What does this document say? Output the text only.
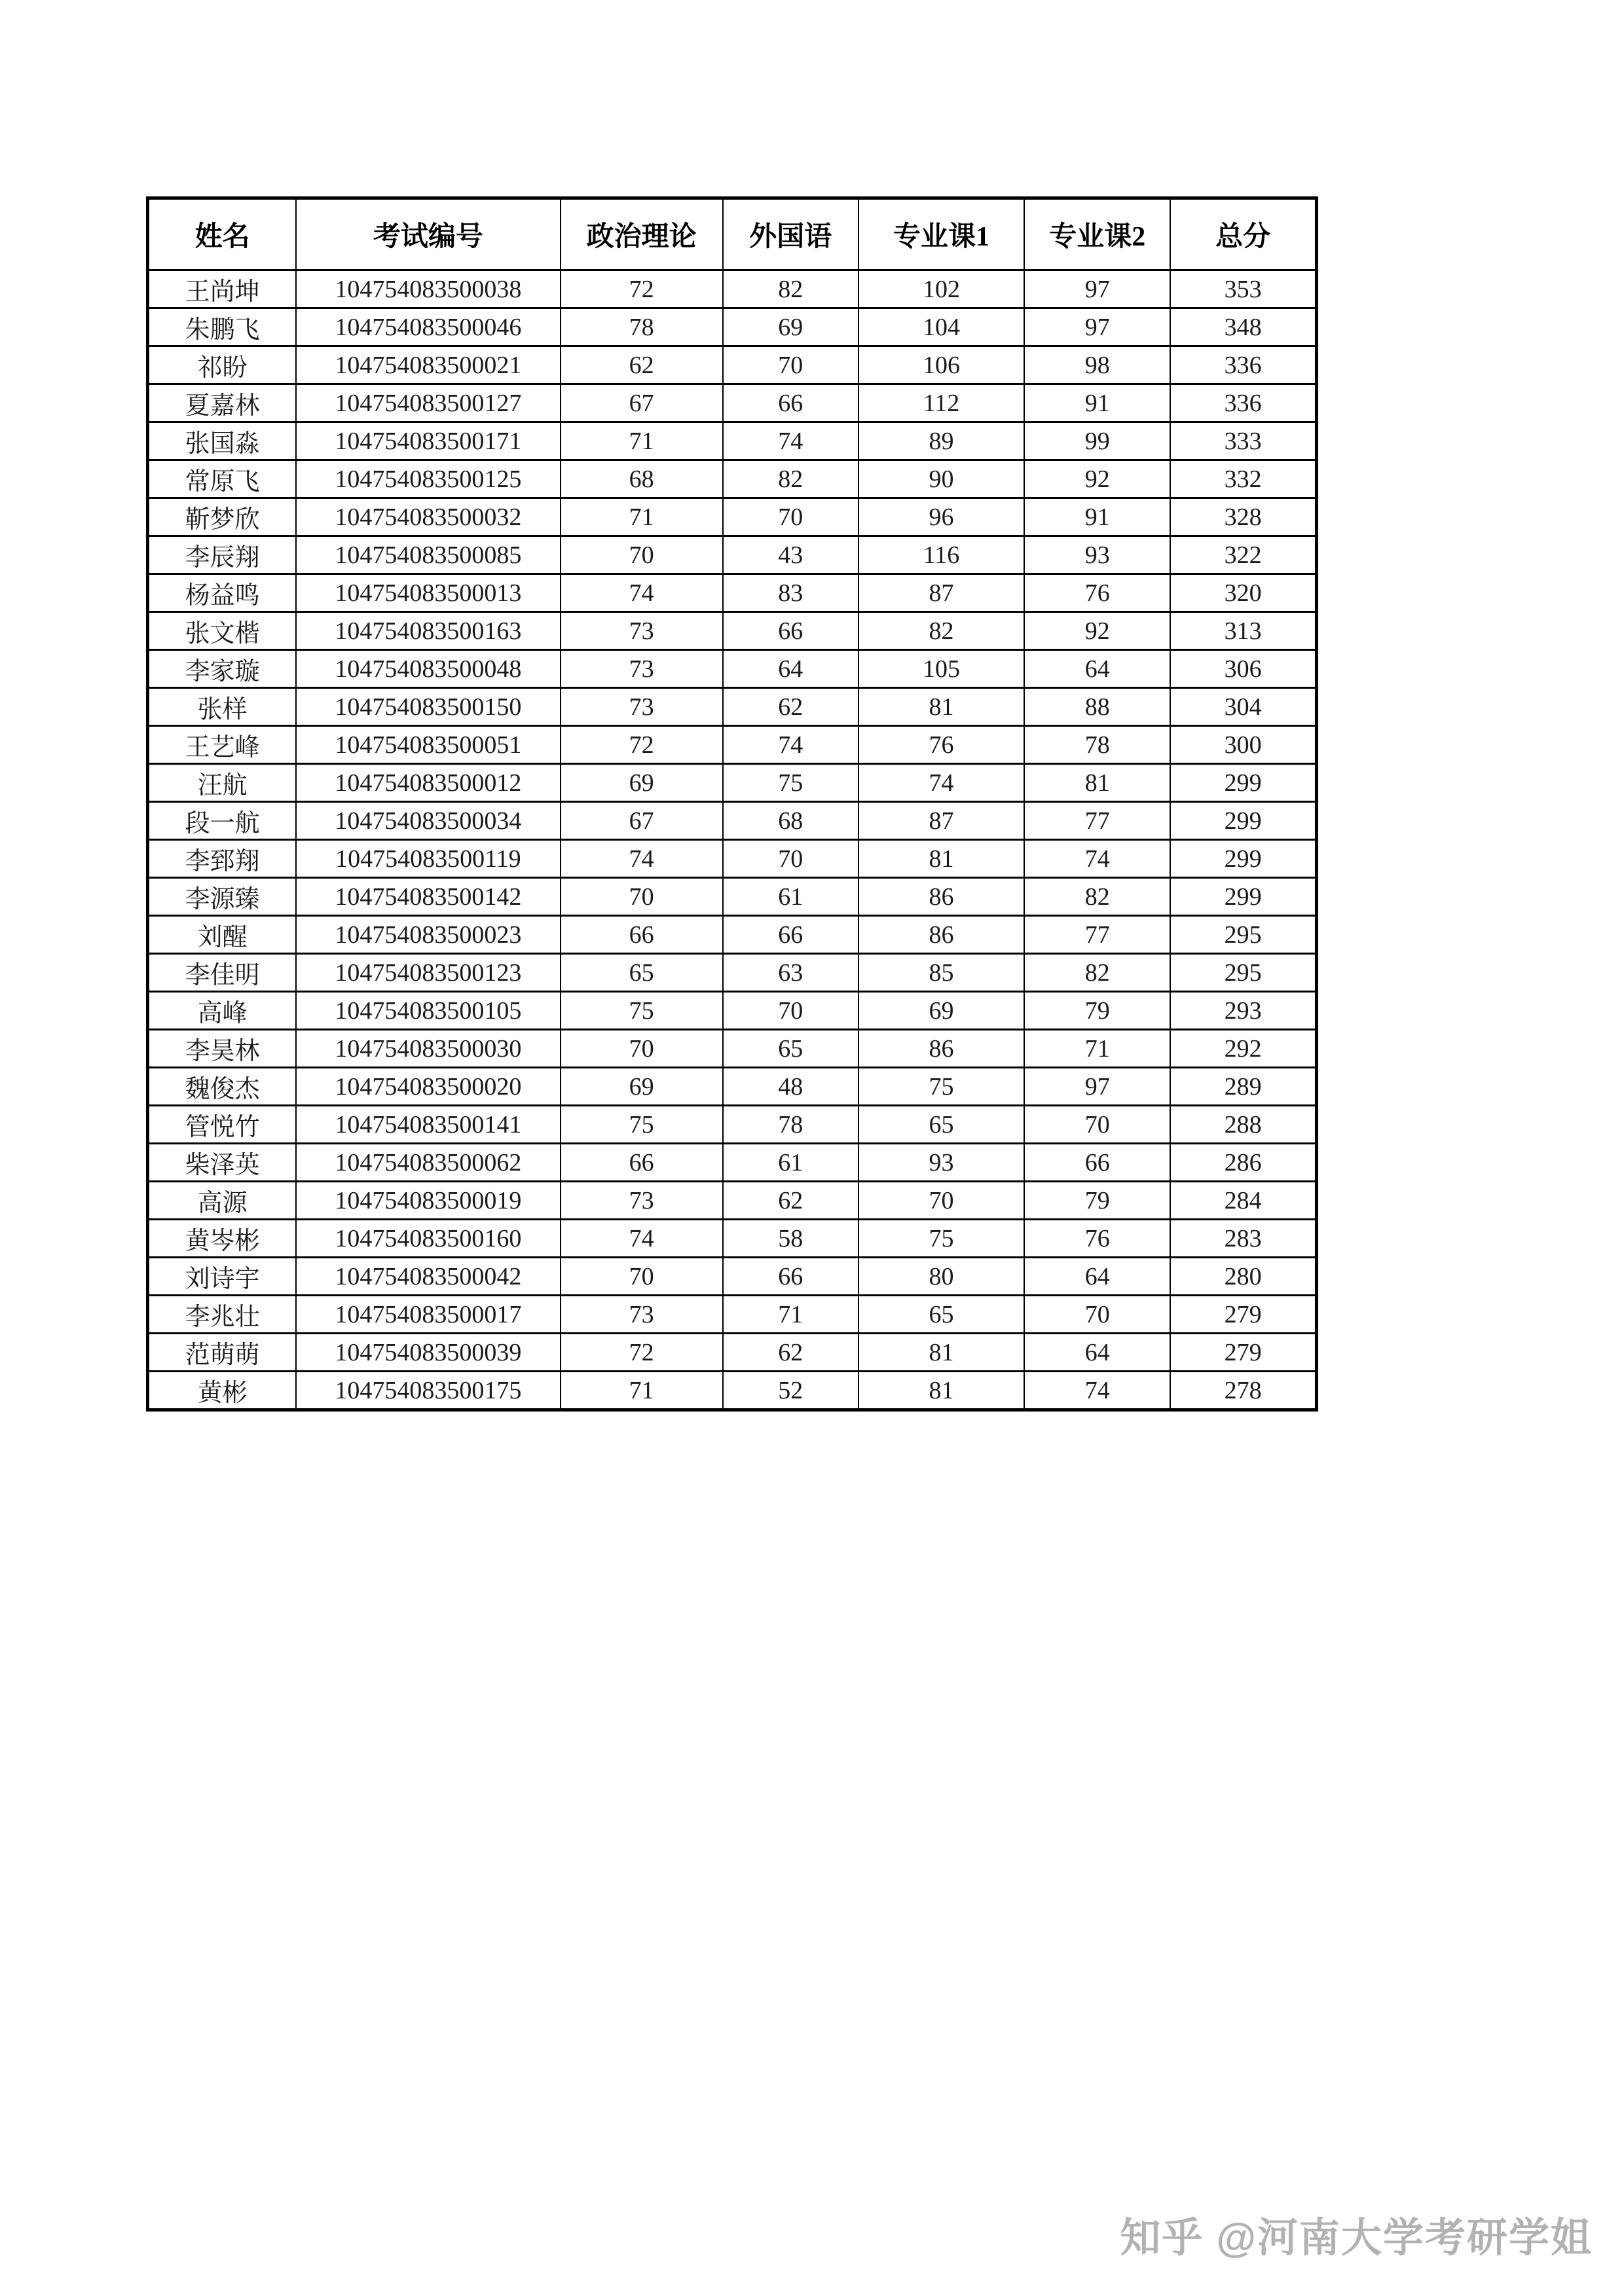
姓名	考试编号	政治理论	外国语	专业课1	专业课2	总分
王尚坤	104754083500038	72	82	102	97	353
朱鹏飞	104754083500046	78	69	104	97	348
祁盼	104754083500021	62	70	106	98	336
夏嘉林	104754083500127	67	66	112	91	336
张国淼	104754083500171	71	74	89	99	333
常原飞	104754083500125	68	82	90	92	332
靳梦欣	104754083500032	71	70	96	91	328
李辰翔	104754083500085	70	43	116	93	322
杨益鸣	104754083500013	74	83	87	76	320
张文楷	104754083500163	73	66	82	92	313
李家璇	104754083500048	73	64	105	64	306
张样	104754083500150	73	62	81	88	304
王艺峰	104754083500051	72	74	76	78	300
汪航	104754083500012	69	75	74	81	299
段一航	104754083500034	67	68	87	77	299
李郅翔	104754083500119	74	70	81	74	299
李源臻	104754083500142	70	61	86	82	299
刘醒	104754083500023	66	66	86	77	295
李佳明	104754083500123	65	63	85	82	295
高峰	104754083500105	75	70	69	79	293
李昊林	104754083500030	70	65	86	71	292
魏俊杰	104754083500020	69	48	75	97	289
管悦竹	104754083500141	75	78	65	70	288
柴泽英	104754083500062	66	61	93	66	286
高源	104754083500019	73	62	70	79	284
黄岑彬	104754083500160	74	58	75	76	283
刘诗宇	104754083500042	70	66	80	64	280
李兆壮	104754083500017	73	71	65	70	279
范萌萌	104754083500039	72	62	81	64	279
黄彬	104754083500175	71	52	81	74	278
知乎 @河南大学考研学姐
